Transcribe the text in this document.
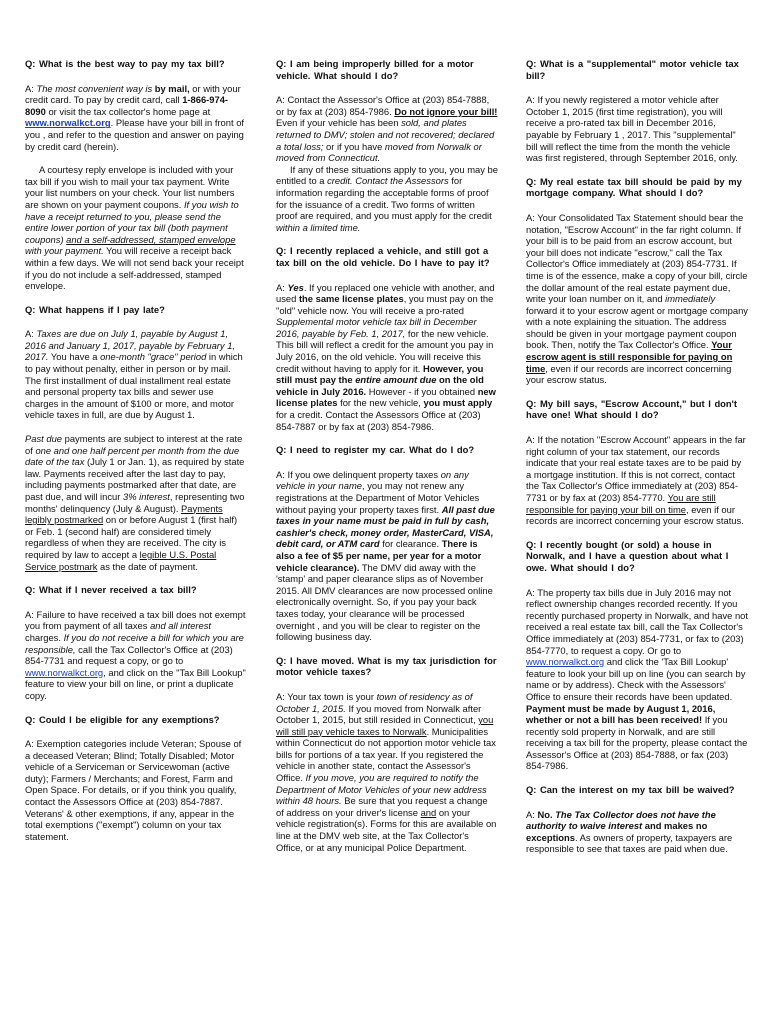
Q: What is the best way to pay my tax bill?
A: The most convenient way is by mail, or with your credit card. To pay by credit card, call 1-866-974-8090 or visit the tax collector's home page at www.norwalkct.org. Please have your bill in front of you , and refer to the question and answer on paying by credit card (herein).
A courtesy reply envelope is included with your tax bill if you wish to mail your tax payment. Write your list numbers on your check. Your list numbers are shown on your payment coupons. If you wish to have a receipt returned to you, please send the entire lower portion of your tax bill (both payment coupons) and a self-addressed, stamped envelope with your payment. You will receive a receipt back within a few days. We will not send back your receipt if you do not include a self-addressed, stamped envelope.
Q: What happens if I pay late?
A: Taxes are due on July 1, payable by August 1, 2016 and January 1, 2017, payable by February 1, 2017. You have a one-month "grace" period in which to pay without penalty, either in person or by mail. The first installment of dual installment real estate and personal property tax bills and sewer use charges in the amount of $100 or more, and motor vehicle taxes in full, are due by August 1.
Past due payments are subject to interest at the rate of one and one half percent per month from the due date of the tax (July 1 or Jan. 1), as required by state law. Payments received after the last day to pay, including payments postmarked after that date, are past due, and will incur 3% interest, representing two months' delinquency (July & August). Payments legibly postmarked on or before August 1 (first half) or Feb. 1 (second half) are considered timely regardless of when they are received. The city is required by law to accept a legible U.S. Postal Service postmark as the date of payment.
Q: What if I never received a tax bill?
A: Failure to have received a tax bill does not exempt you from payment of all taxes and all interest charges. If you do not receive a bill for which you are responsible, call the Tax Collector's Office at (203) 854-7731 and request a copy, or go to www.norwalkct.org, and click on the "Tax Bill Lookup" feature to view your bill on line, or print a duplicate copy.
Q: Could I be eligible for any exemptions?
A: Exemption categories include Veteran; Spouse of a deceased Veteran; Blind; Totally Disabled; Motor vehicle of a Serviceman or Servicewoman (active duty); Farmers / Merchants; and Forest, Farm and Open Space. For details, or if you think you qualify, contact the Assessors Office at (203) 854-7887. Veterans' & other exemptions, if any, appear in the total exemptions ("exempt") column on your tax statement.
Q: I am being improperly billed for a motor vehicle. What should I do?
A: Contact the Assessor's Office at (203) 854-7888, or by fax at (203) 854-7986. Do not ignore your bill! Even if your vehicle has been sold, and plates returned to DMV; stolen and not recovered; declared a total loss; or if you have moved from Norwalk or moved from Connecticut.
If any of these situations apply to you, you may be entitled to a credit. Contact the Assessors for information regarding the acceptable forms of proof for the issuance of a credit. Two forms of written proof are required, and you must apply for the credit within a limited time.
Q: I recently replaced a vehicle, and still got a tax bill on the old vehicle. Do I have to pay it?
A: Yes. If you replaced one vehicle with another, and used the same license plates, you must pay on the "old" vehicle now. You will receive a pro-rated Supplemental motor vehicle tax bill in December 2016, payable by Feb. 1, 2017, for the new vehicle. This bill will reflect a credit for the amount you pay in July 2016, on the old vehicle. You will receive this credit without having to apply for it. However, you still must pay the entire amount due on the old vehicle in July 2016. However - if you obtained new license plates for the new vehicle, you must apply for a credit. Contact the Assessors Office at (203) 854-7887 or by fax at (203) 854-7986.
Q: I need to register my car. What do I do?
A: If you owe delinquent property taxes on any vehicle in your name, you may not renew any registrations at the Department of Motor Vehicles without paying your property taxes first. All past due taxes in your name must be paid in full by cash, cashier's check, money order, MasterCard, VISA, debit card, or ATM card for clearance. There is also a fee of $5 per name, per year for a motor vehicle clearance). The DMV did away with the 'stamp' and paper clearance slips as of November 2015. All DMV clearances are now processed online electronically overnight. So, if you pay your back taxes today, your clearance will be processed overnight , and you will be clear to register on the following business day.
Q: I have moved. What is my tax jurisdiction for motor vehicle taxes?
A: Your tax town is your town of residency as of October 1, 2015. If you moved from Norwalk after October 1, 2015, but still resided in Connecticut, you will still pay vehicle taxes to Norwalk. Municipalities within Connecticut do not apportion motor vehicle tax bills for portions of a tax year. If you registered the vehicle in another state, contact the Assessor's Office. If you move, you are required to notify the Department of Motor Vehicles of your new address within 48 hours. Be sure that you request a change of address on your driver's license and on your vehicle registration(s). Forms for this are available on line at the DMV web site, at the Tax Collector's Office, or at any municipal Police Department.
Q: What is a "supplemental" motor vehicle tax bill?
A: If you newly registered a motor vehicle after October 1, 2015 (first time registration), you will receive a pro-rated tax bill in December 2016, payable by February 1 , 2017. This "supplemental" bill will reflect the time from the month the vehicle was first registered, through September 2016, only.
Q: My real estate tax bill should be paid by my mortgage company. What should I do?
A: Your Consolidated Tax Statement should bear the notation, "Escrow Account" in the far right column. If your bill is to be paid from an escrow account, but your bill does not indicate "escrow," call the Tax Collector's Office immediately at (203) 854-7731. If time is of the essence, make a copy of your bill, circle the dollar amount of the real estate payment due, write your loan number on it, and immediately forward it to your escrow agent or mortgage company with a note explaining the situation. The address should be given in your mortgage payment coupon book. Then, notify the Tax Collector's Office. Your escrow agent is still responsible for paying on time, even if our records are incorrect concerning your escrow status.
Q: My bill says, "Escrow Account," but I don't have one! What should I do?
A: If the notation "Escrow Account" appears in the far right column of your tax statement, our records indicate that your real estate taxes are to be paid by a mortgage institution. If this is not correct, contact the Tax Collector's Office immediately at (203) 854-7731 or by fax at (203) 854-7770. You are still responsible for paying your bill on time, even if our records are incorrect concerning your escrow status.
Q: I recently bought (or sold) a house in Norwalk, and I have a question about what I owe. What should I do?
A: The property tax bills due in July 2016 may not reflect ownership changes recorded recently. If you recently purchased property in Norwalk, and have not received a real estate tax bill, call the Tax Collector's Office immediately at (203) 854-7731, or fax to (203) 854-7770, to request a copy. Or go to www.norwalkct.org and click the 'Tax Bill Lookup' feature to look your bill up on line (you can search by name or by address). Check with the Assessors' Office to ensure their records have been updated. Payment must be made by August 1, 2016, whether or not a bill has been received! If you recently sold property in Norwalk, and are still receiving a tax bill for the property, please contact the Assessor's Office at (203) 854-7888, or fax (203) 854-7986.
Q: Can the interest on my tax bill be waived?
A: No. The Tax Collector does not have the authority to waive interest and makes no exceptions. As owners of property, taxpayers are responsible to see that taxes are paid when due.
